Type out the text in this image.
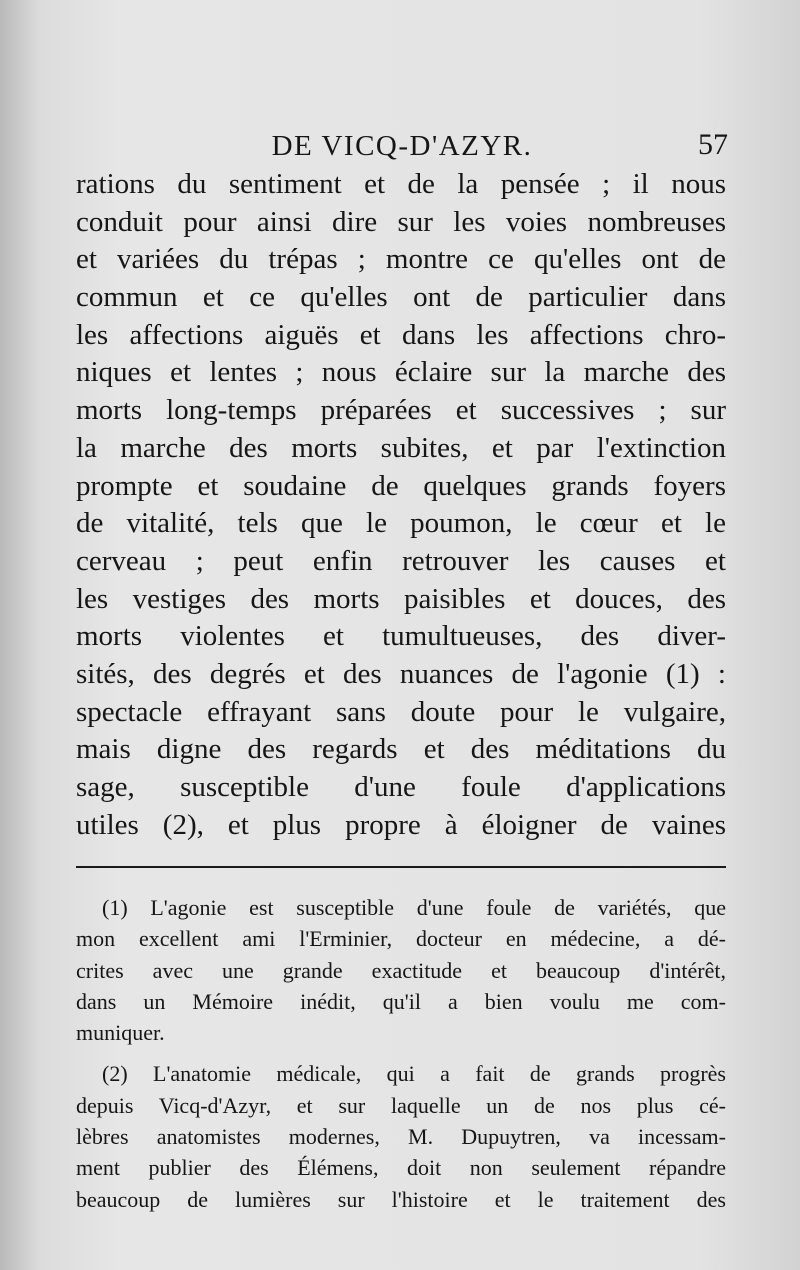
DE VICQ-D'AZYR.	57
rations du sentiment et de la pensée ; il nous
conduit pour ainsi dire sur les voies nombreuses
et variées du trépas ; montre ce qu'elles ont de
commun et ce qu'elles ont de particulier dans
les affections aiguës et dans les affections chro-
niques et lentes ; nous éclaire sur la marche des
morts long-temps préparées et successives ; sur
la marche des morts subites, et par l'extinction
prompte et soudaine de quelques grands foyers
de vitalité, tels que le poumon, le cœur et le
cerveau ; peut enfin retrouver les causes et
les vestiges des morts paisibles et douces, des
morts violentes et tumultueuses, des diver-
sités, des degrés et des nuances de l'agonie (1) :
spectacle effrayant sans doute pour le vulgaire,
mais digne des regards et des méditations du
sage, susceptible d'une foule d'applications
utiles (2), et plus propre à éloigner de vaines
(1) L'agonie est susceptible d'une foule de variétés, que
mon excellent ami l'Erminier, docteur en médecine, a dé-
crites avec une grande exactitude et beaucoup d'intérêt,
dans un Mémoire inédit, qu'il a bien voulu me com-
muniquer.
(2) L'anatomie médicale, qui a fait de grands progrès
depuis Vicq-d'Azyr, et sur laquelle un de nos plus cé-
lèbres anatomistes modernes, M. Dupuytren, va incessam-
ment publier des Élémens, doit non seulement répandre
beaucoup de lumières sur l'histoire et le traitement des
